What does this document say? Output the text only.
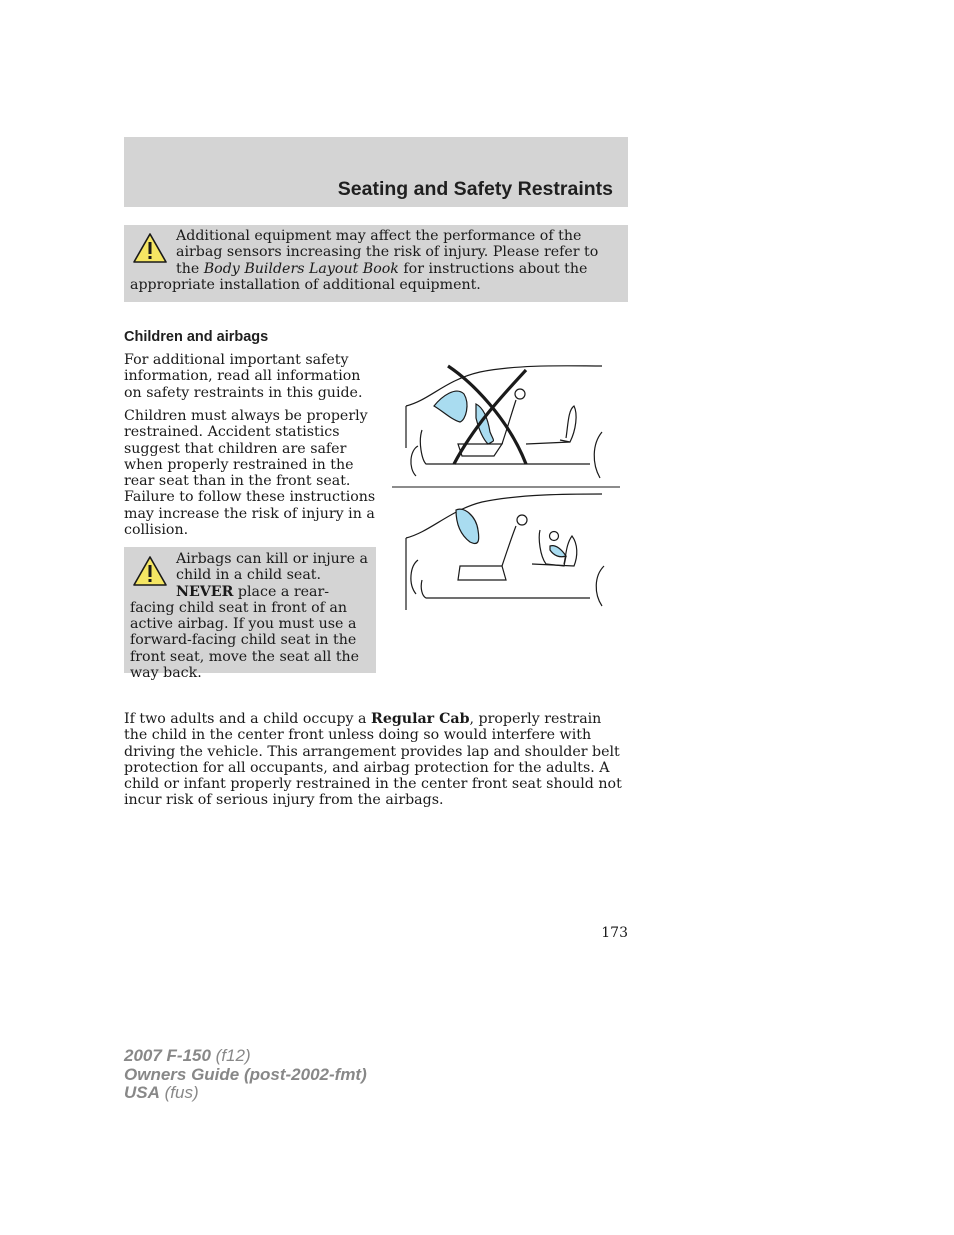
Seating and Safety Restraints

Additional equipment may affect the performance of the airbag sensors increasing the risk of injury. Please refer to the Body Builders Layout Book for instructions about the appropriate installation of additional equipment.

Children and airbags

For additional important safety information, read all information on safety restraints in this guide.

Children must always be properly restrained. Accident statistics suggest that children are safer when properly restrained in the rear seat than in the front seat. Failure to follow these instructions may increase the risk of injury in a collision.

Airbags can kill or injure a child in a child seat. NEVER place a rear-facing child seat in front of an active airbag. If you must use a forward-facing child seat in the front seat, move the seat all the way back.

If two adults and a child occupy a Regular Cab, properly restrain the child in the center front unless doing so would interfere with driving the vehicle. This arrangement provides lap and shoulder belt protection for all occupants, and airbag protection for the adults. A child or infant properly restrained in the center front seat should not incur risk of serious injury from the airbags.

173
2007 F-150 (f12)
Owners Guide (post-2002-fmt)
USA (fus)
